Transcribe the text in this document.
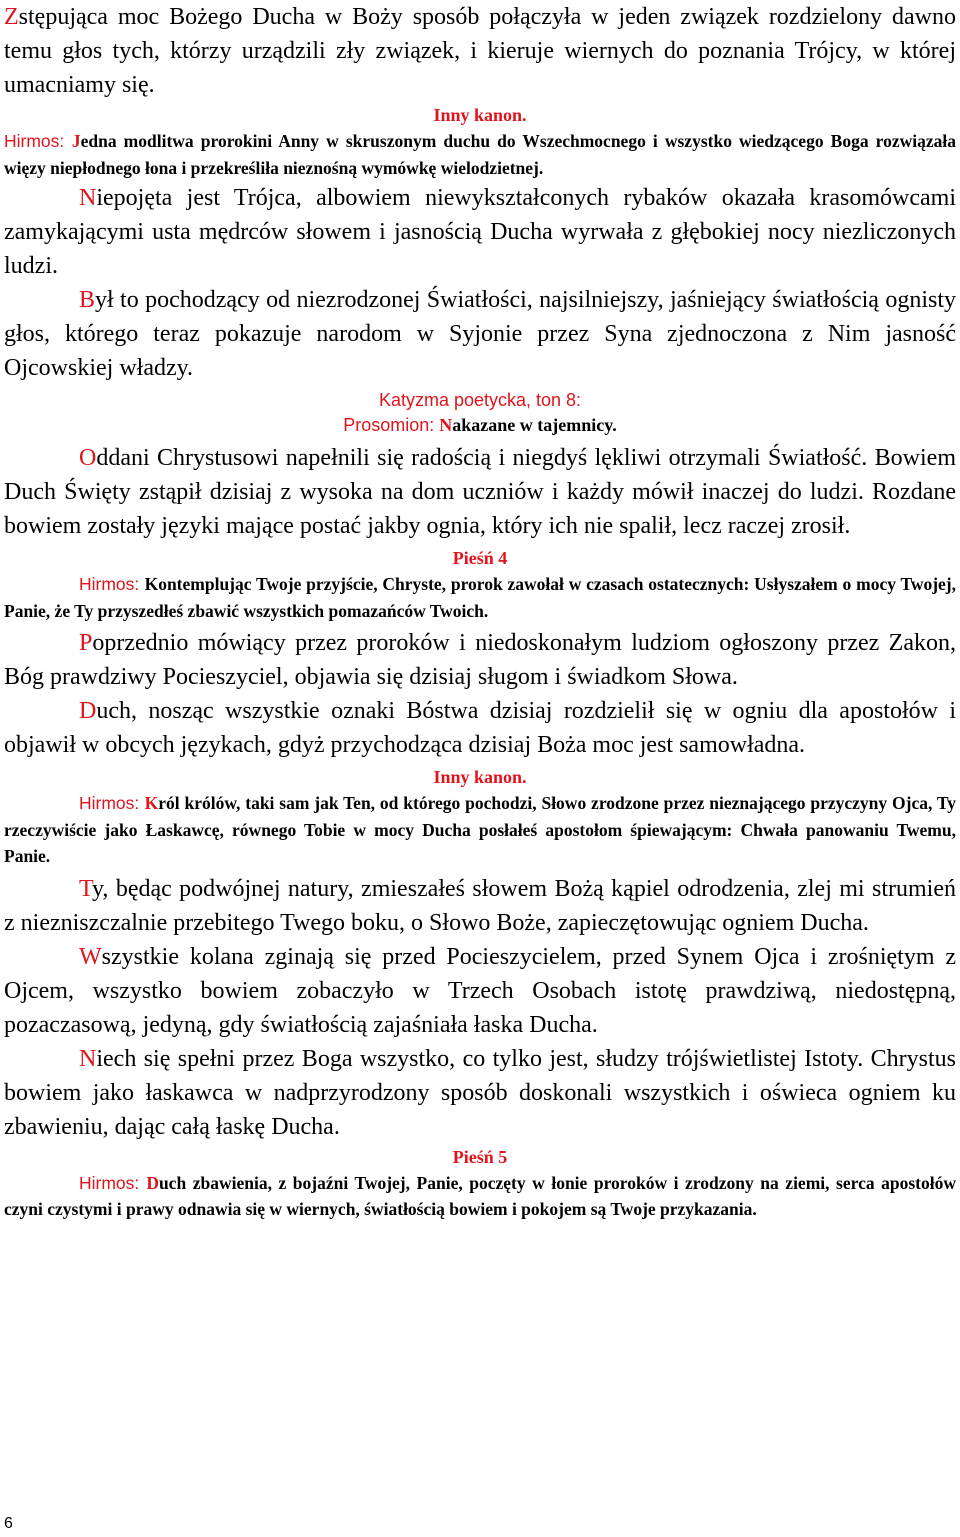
Zstępująca moc Bożego Ducha w Boży sposób połączyła w jeden związek rozdzielony dawno temu głos tych, którzy urządzili zły związek, i kieruje wiernych do poznania Trójcy, w której umacniamy się.

Inny kanon.

Hirmos: Jedna modlitwa prorokini Anny w skruszonym duchu do Wszechmocnego i wszystko wiedzącego Boga rozwiązała więzy niepłodnego łona i przekreśliła nieznośną wymówkę wielodzietnej.

Niepojęta jest Trójca, albowiem niewykształconych rybaków okazała krasomówcami zamykającymi usta mędrców słowem i jasnością Ducha wyrwała z głębokiej nocy niezliczonych ludzi.

Był to pochodzący od niezrodzonej Światłości, najsilniejszy, jaśniejący światłością ognisty głos, którego teraz pokazuje narodom w Syjonie przez Syna zjednoczona z Nim jasność Ojcowskiej władzy.

Katyzma poetycka, ton 8:

Prosomion: Nakazane w tajemnicy.

Oddani Chrystusowi napełnili się radością i niegdyś lękliwi otrzymali Światłość. Bowiem Duch Święty zstąpił dzisiaj z wysoka na dom uczniów i każdy mówił inaczej do ludzi. Rozdane bowiem zostały języki mające postać jakby ognia, który ich nie spalił, lecz raczej zrosił.

Pieśń 4

Hirmos: Kontemplując Twoje przyjście, Chryste, prorok zawołał w czasach ostatecznych: Usłyszałem o mocy Twojej, Panie, że Ty przyszedłeś zbawić wszystkich pomazańców Twoich.

Poprzednio mówiący przez proroków i niedoskonałym ludziom ogłoszony przez Zakon, Bóg prawdziwy Pocieszyciel, objawia się dzisiaj sługom i świadkom Słowa.

Duch, nosząc wszystkie oznaki Bóstwa dzisiaj rozdzielił się w ogniu dla apostołów i objawił w obcych językach, gdyż przychodząca dzisiaj Boża moc jest samowładna.

Inny kanon.

Hirmos: Król królów, taki sam jak Ten, od którego pochodzi, Słowo zrodzone przez nieznającego przyczyny Ojca, Ty rzeczywiście jako Łaskawcę, równego Tobie w mocy Ducha posłałeś apostołom śpiewającym: Chwała panowaniu Twemu, Panie.

Ty, będąc podwójnej natury, zmieszałeś słowem Bożą kąpiel odrodzenia, zlej mi strumień z niezniszczalnie przebitego Twego boku, o Słowo Boże, zapieczętowując ogniem Ducha.

Wszystkie kolana zginają się przed Pocieszycielem, przed Synem Ojca i zrośniętym z Ojcem, wszystko bowiem zobaczyło w Trzech Osobach istotę prawdziwą, niedostępną, pozaczasową, jedyną, gdy światłością zajaśniała łaska Ducha.

Niech się spełni przez Boga wszystko, co tylko jest, słudzy trójświetlistej Istoty. Chrystus bowiem jako łaskawca w nadprzyrodzony sposób doskonali wszystkich i oświeca ogniem ku zbawieniu, dając całą łaskę Ducha.

Pieśń 5

Hirmos: Duch zbawienia, z bojaźni Twojej, Panie, poczęty w łonie proroków i zrodzony na ziemi, serca apostołów czyni czystymi i prawy odnawia się w wiernych, światłością bowiem i pokojem są Twoje przykazania.

6
